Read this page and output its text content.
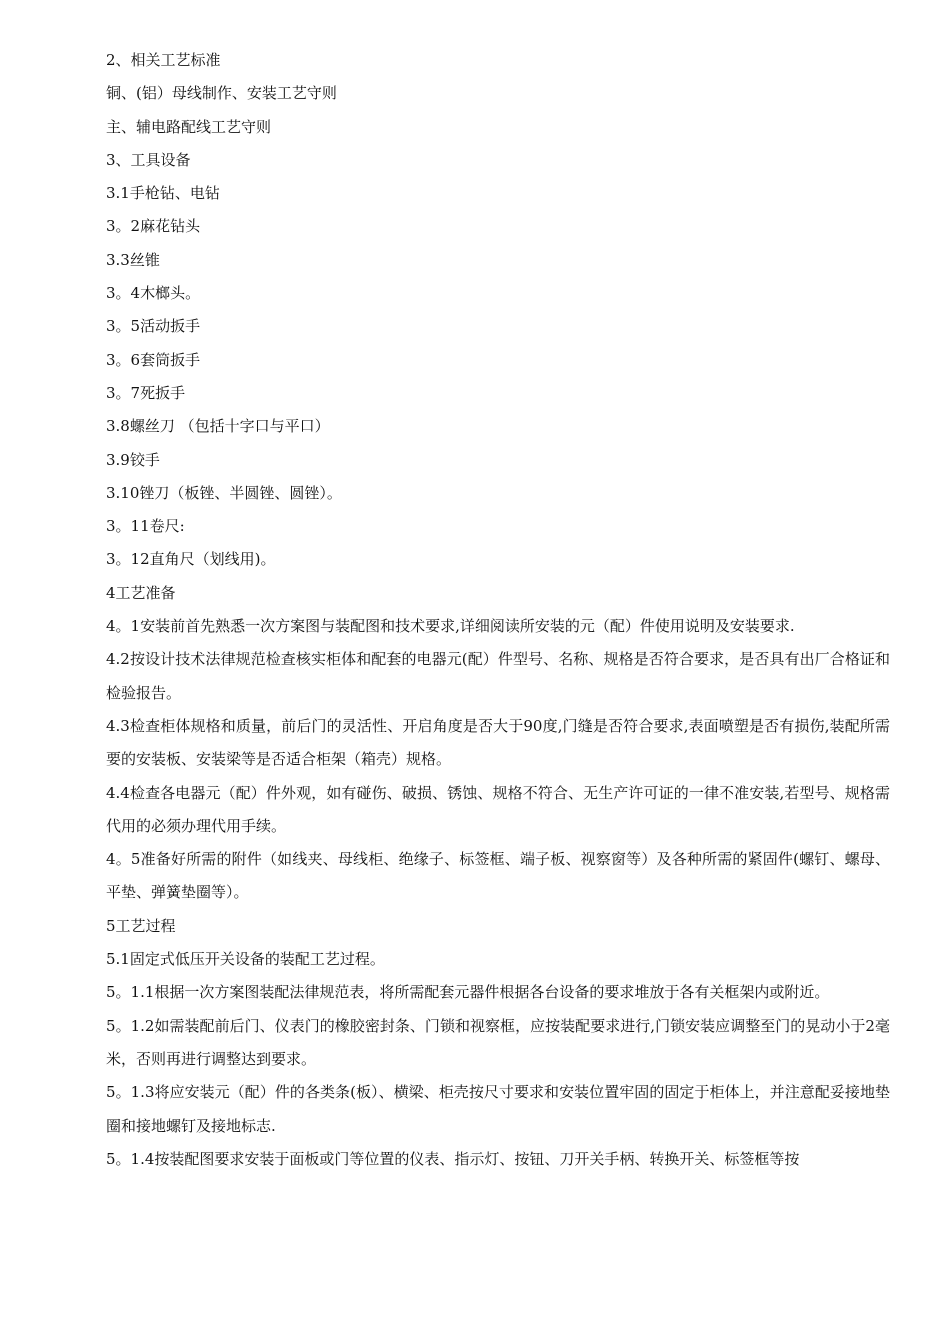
2、相关工艺标准

铜、(铝）母线制作、安装工艺守则

主、辅电路配线工艺守则

3、工具设备

3.1手枪钻、电钻

3。2麻花钻头

3.3丝锥

3。4木榔头。

3。5活动扳手

3。6套筒扳手

3。7死扳手

3.8螺丝刀 （包括十字口与平口）

3.9铰手

3.10锉刀（板锉、半圆锉、圆锉）。

3。11卷尺:

3。12直角尺（划线用)。

4工艺准备

4。1安装前首先熟悉一次方案图与装配图和技术要求,详细阅读所安装的元（配）件使用说明及安装要求.

4.2按设计技术法律规范检查核实柜体和配套的电器元(配）件型号、名称、规格是否符合要求，是否具有出厂合格证和检验报告。

4.3检查柜体规格和质量，前后门的灵活性、开启角度是否大于90度,门缝是否符合要求,表面喷塑是否有损伤,装配所需要的安装板、安装梁等是否适合柜架（箱壳）规格。

4.4检查各电器元（配）件外观，如有碰伤、破损、锈蚀、规格不符合、无生产许可证的一律不准安装,若型号、规格需代用的必须办理代用手续。

4。5准备好所需的附件（如线夹、母线柜、绝缘子、标签框、端子板、视察窗等）及各种所需的紧固件(螺钉、螺母、平垫、弹簧垫圈等）。

5工艺过程

5.1固定式低压开关设备的装配工艺过程。

5。1.1根据一次方案图装配法律规范表，将所需配套元器件根据各台设备的要求堆放于各有关框架内或附近。

5。1.2如需装配前后门、仪表门的橡胶密封条、门锁和视察框，应按装配要求进行,门锁安装应调整至门的晃动小于2毫米，否则再进行调整达到要求。

5。1.3将应安装元（配）件的各类条(板）、横梁、柜壳按尺寸要求和安装位置牢固的固定于柜体上，并注意配妥接地垫圈和接地螺钉及接地标志.

5。1.4按装配图要求安装于面板或门等位置的仪表、指示灯、按钮、刀开关手柄、转换开关、标签框等按
